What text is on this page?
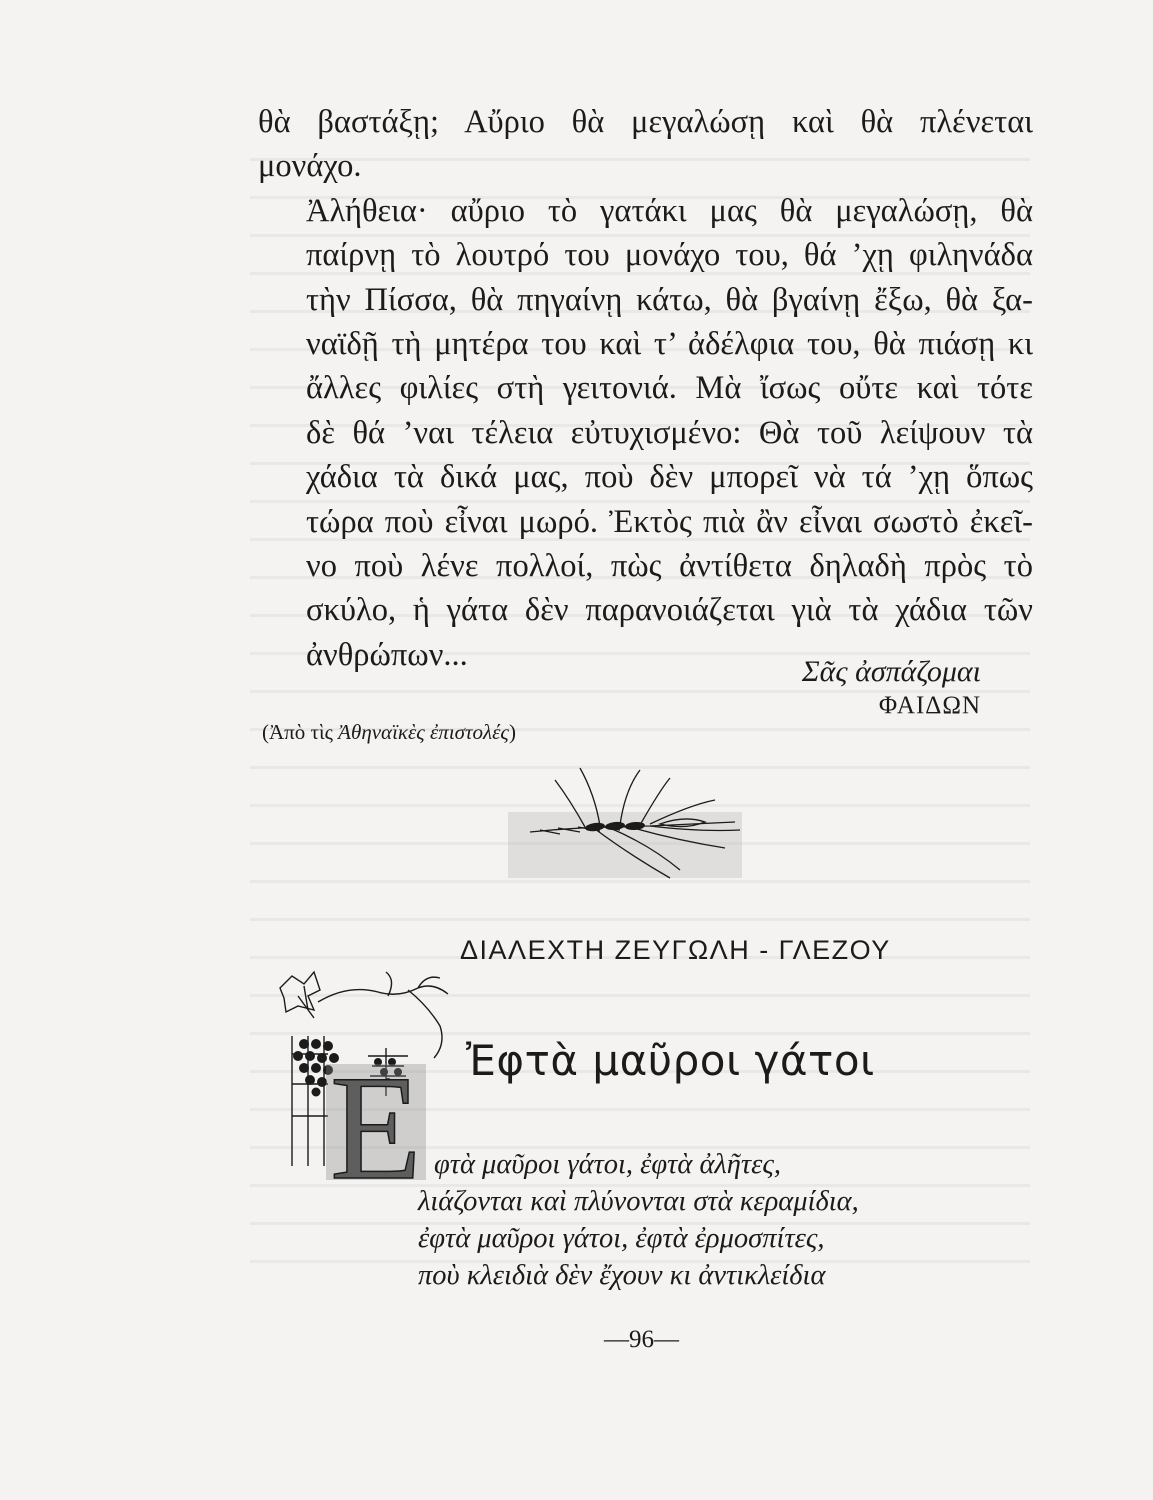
θὰ βαστάξῃ; Αὔριο θὰ μεγαλώσῃ καὶ θὰ πλένεται
μονάχο.

Ἀλήθεια· αὔριο τὸ γατάκι μας θὰ μεγαλώσῃ, θὰ
παίρνῃ τὸ λουτρό του μονάχο του, θά ’χῃ φιληνάδα
τὴν Πίσσα, θὰ πηγαίνῃ κάτω, θὰ βγαίνῃ ἔξω, θὰ ξα-
ναϊδῇ τὴ μητέρα του καὶ τ’ ἀδέλφια του, θὰ πιάσῃ κι
ἄλλες φιλίες στὴ γειτονιά. Μὰ ἴσως οὔτε καὶ τότε
δὲ θά ’ναι τέλεια εὐτυχισμένο: Θὰ τοῦ λείψουν τὰ
χάδια τὰ δικά μας, ποὺ δὲν μπορεῖ νὰ τά ’χῃ ὅπως
τώρα ποὺ εἶναι μωρό. Ἐκτὸς πιὰ ἂν εἶναι σωστὸ ἐκεῖ-
νο ποὺ λένε πολλοί, πὼς ἀντίθετα δηλαδὴ πρὸς τὸ
σκύλο, ἡ γάτα δὲν παρανοιάζεται γιὰ τὰ χάδια τῶν
ἀνθρώπων...	Σᾶς ἀσπάζομαι

ΦΑΙΔΩΝ

(Ἀπὸ τὶς Ἀθηναϊκὲς ἐπιστολές)

ΔΙΑΛΕΧΤΗ ΖΕΥΓΩΛΗ - ΓΛΕΖΟΥ

Ε Ἐφτὰ μαῦροι γάτοι
φτὰ μαῦροι γάτοι, ἐφτὰ ἀλῆτες,
λιάζονται καὶ πλύνονται στὰ κεραμίδια,
ἐφτὰ μαῦροι γάτοι, ἐφτὰ ἐρμοσπίτες,
ποὺ κλειδιὰ δὲν ἔχουν κι ἀντικλείδια

—96—
